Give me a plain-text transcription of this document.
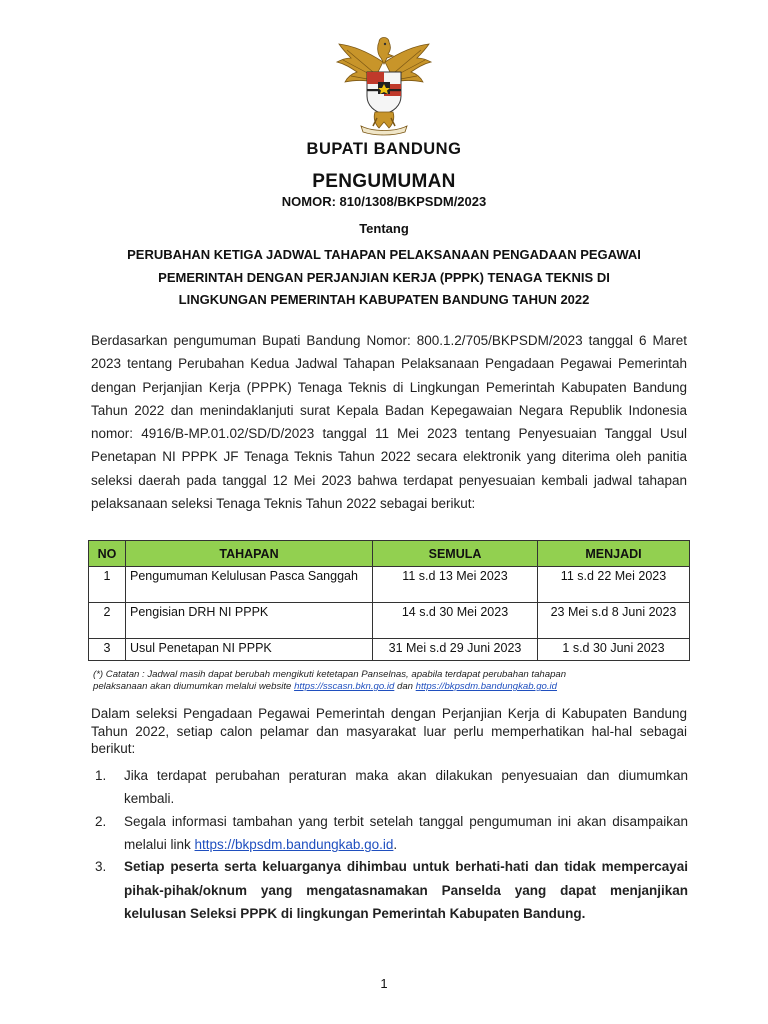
BUPATI BANDUNG
PENGUMUMAN
NOMOR: 810/1308/BKPSDM/2023
Tentang
PERUBAHAN KETIGA JADWAL TAHAPAN PELAKSANAAN PENGADAAN PEGAWAI
PEMERINTAH DENGAN PERJANJIAN KERJA (PPPK) TENAGA TEKNIS DI
LINGKUNGAN PEMERINTAH KABUPATEN BANDUNG TAHUN 2022
Berdasarkan pengumuman Bupati Bandung Nomor: 800.1.2/705/BKPSDM/2023 tanggal 6 Maret 2023 tentang Perubahan Kedua Jadwal Tahapan Pelaksanaan Pengadaan Pegawai Pemerintah dengan Perjanjian Kerja (PPPK) Tenaga Teknis di Lingkungan Pemerintah Kabupaten Bandung Tahun 2022 dan menindaklanjuti surat Kepala Badan Kepegawaian Negara Republik Indonesia nomor: 4916/B-MP.01.02/SD/D/2023 tanggal 11 Mei 2023 tentang Penyesuaian Tanggal Usul Penetapan NI PPPK JF Tenaga Teknis Tahun 2022 secara elektronik yang diterima oleh panitia seleksi daerah pada tanggal 12 Mei 2023 bahwa terdapat penyesuaian kembali jadwal tahapan pelaksanaan seleksi Tenaga Teknis Tahun 2022 sebagai berikut:
NO	TAHAPAN	SEMULA	MENJADI
1	Pengumuman Kelulusan Pasca Sanggah	11 s.d 13 Mei 2023	11 s.d 22 Mei 2023
2	Pengisian DRH NI PPPK	14 s.d 30 Mei 2023	23 Mei s.d 8 Juni 2023
3	Usul Penetapan NI PPPK	31 Mei s.d 29 Juni 2023	1 s.d 30 Juni 2023
(*) Catatan : Jadwal masih dapat berubah mengikuti ketetapan Panselnas, apabila terdapat perubahan tahapan
pelaksanaan akan diumumkan melalui website https://sscasn.bkn.go.id dan https://bkpsdm.bandungkab.go.id
Dalam seleksi Pengadaan Pegawai Pemerintah dengan Perjanjian Kerja di Kabupaten Bandung Tahun 2022, setiap calon pelamar dan masyarakat luar perlu memperhatikan hal-hal sebagai berikut:
1.	Jika terdapat perubahan peraturan maka akan dilakukan penyesuaian dan diumumkan kembali.
2.	Segala informasi tambahan yang terbit setelah tanggal pengumuman ini akan disampaikan melalui link https://bkpsdm.bandungkab.go.id.
3.	Setiap peserta serta keluarganya dihimbau untuk berhati-hati dan tidak mempercayai pihak-pihak/oknum yang mengatasnamakan Panselda yang dapat menjanjikan kelulusan Seleksi PPPK di lingkungan Pemerintah Kabupaten Bandung.
1
